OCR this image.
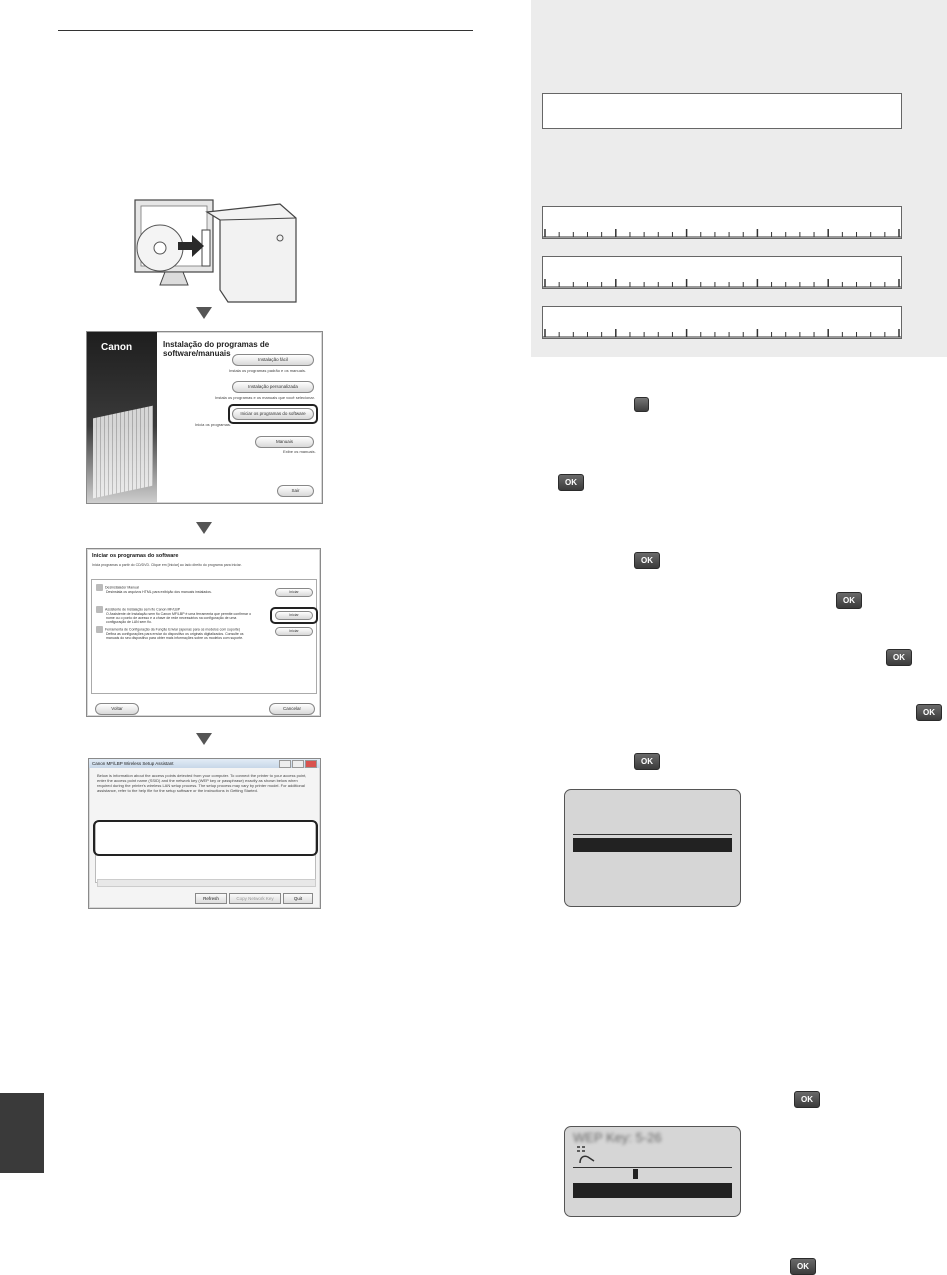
Canon	Instalação do programas de software/manuais
Instalação fácil
Instala os programas padrão e os manuais.
Instalação personalizada
Instala os programas e os manuais que você selecionar.
Iniciar os programas do software
Inicia os programas.
Manuais
Exibe os manuais.
Sair
Iniciar os programas do software
Inicia programas a partir do CD/DVD. Clique em [Iniciar] ao lado direito do programa para iniciar.
Desinstalador Manual
Desinstala os arquivos HTML para exibição dos manuais instalados.	Iniciar
Assistente de Instalação sem fio Canon MF/LBP
O Assistente de Instalação sem fio Canon MF/LBP é uma ferramenta que permite confirmar o nome ou o ponto de acesso e a chave de rede necessários na configuração de uma configuração de LAN sem fio.
Iniciar
Ferramenta de Configuração da Função Enviar (apenas para os modelos com suporte)
Defina as configurações para enviar do dispositivo os originais digitalizados. Consulte os manuais do seu dispositivo para obter mais informações sobre os modelos com suporte.
Iniciar
Voltar	Cancelar
Canon MF/LBP Wireless Setup Assistant
Below is information about the access points detected from your computer. To connect the printer to your access point, enter the access point name (SSID) and the network key (WEP key or passphrase) exactly as shown below when required during the printer's wireless LAN setup process. The setup process may vary by printer model. For additional assistance, refer to the help file for the setup software or the instructions in Getting Started.
Refresh	Copy Network Key	Quit
OK
OK
OK
OK
OK
OK
OK
WEP Key: 5-26
OK
